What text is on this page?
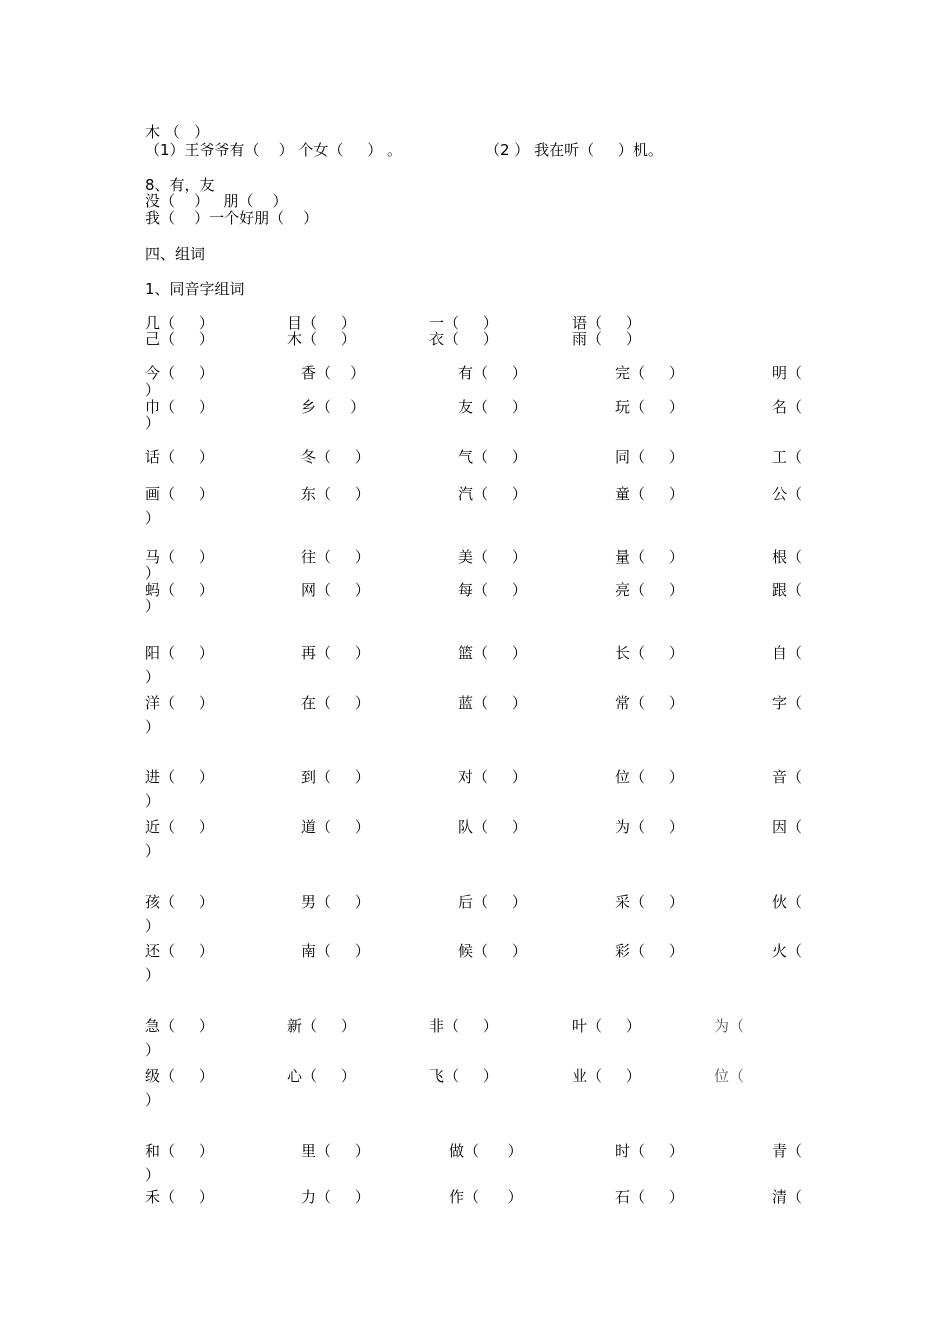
木 （   ）
（1）王爷爷有（    ） 个女（     ） 。	（2 ） 我在听（     ）机。
8、有，友
没（    ）   朋（    ）
我（    ）一个好朋（    ）
四、组词
1、同音字组词
几（     ）	目（     ）	一（     ）	语（     ）
己（     ）	木（     ）	衣（     ）	雨（     ）
今（     ）	香（    ）	有（     ）	完（     ）	明（
）
巾（     ）	乡（    ）	友（     ）	玩（     ）	名（
）
话（     ）	冬（     ）	气（     ）	同（     ）	工（
画（     ）	东（     ）	汽（     ）	童（     ）	公（
）
马（     ）	往（     ）	美（     ）	量（     ）	根（
）
蚂（     ）	网（     ）	每（     ）	亮（     ）	跟（
）
阳（     ）	再（     ）	篮（     ）	长（     ）	自（
）
洋（     ）	在（     ）	蓝（     ）	常（     ）	字（
）
进（     ）	到（     ）	对（     ）	位（     ）	音（
）
近（     ）	道（     ）	队（     ）	为（     ）	因（
）
孩（     ）	男（     ）	后（     ）	采（     ）	伙（
）
还（     ）	南（     ）	候（     ）	彩（     ）	火（
）
急（     ）	新（     ）	非（     ）	叶（     ）	为（
）
级（     ）	心（     ）	飞（     ）	业（     ）	位（
）
和（     ）	里（     ）	做（      ）	时（     ）	青（
）
禾（     ）	力（     ）	作（      ）	石（     ）	清（
